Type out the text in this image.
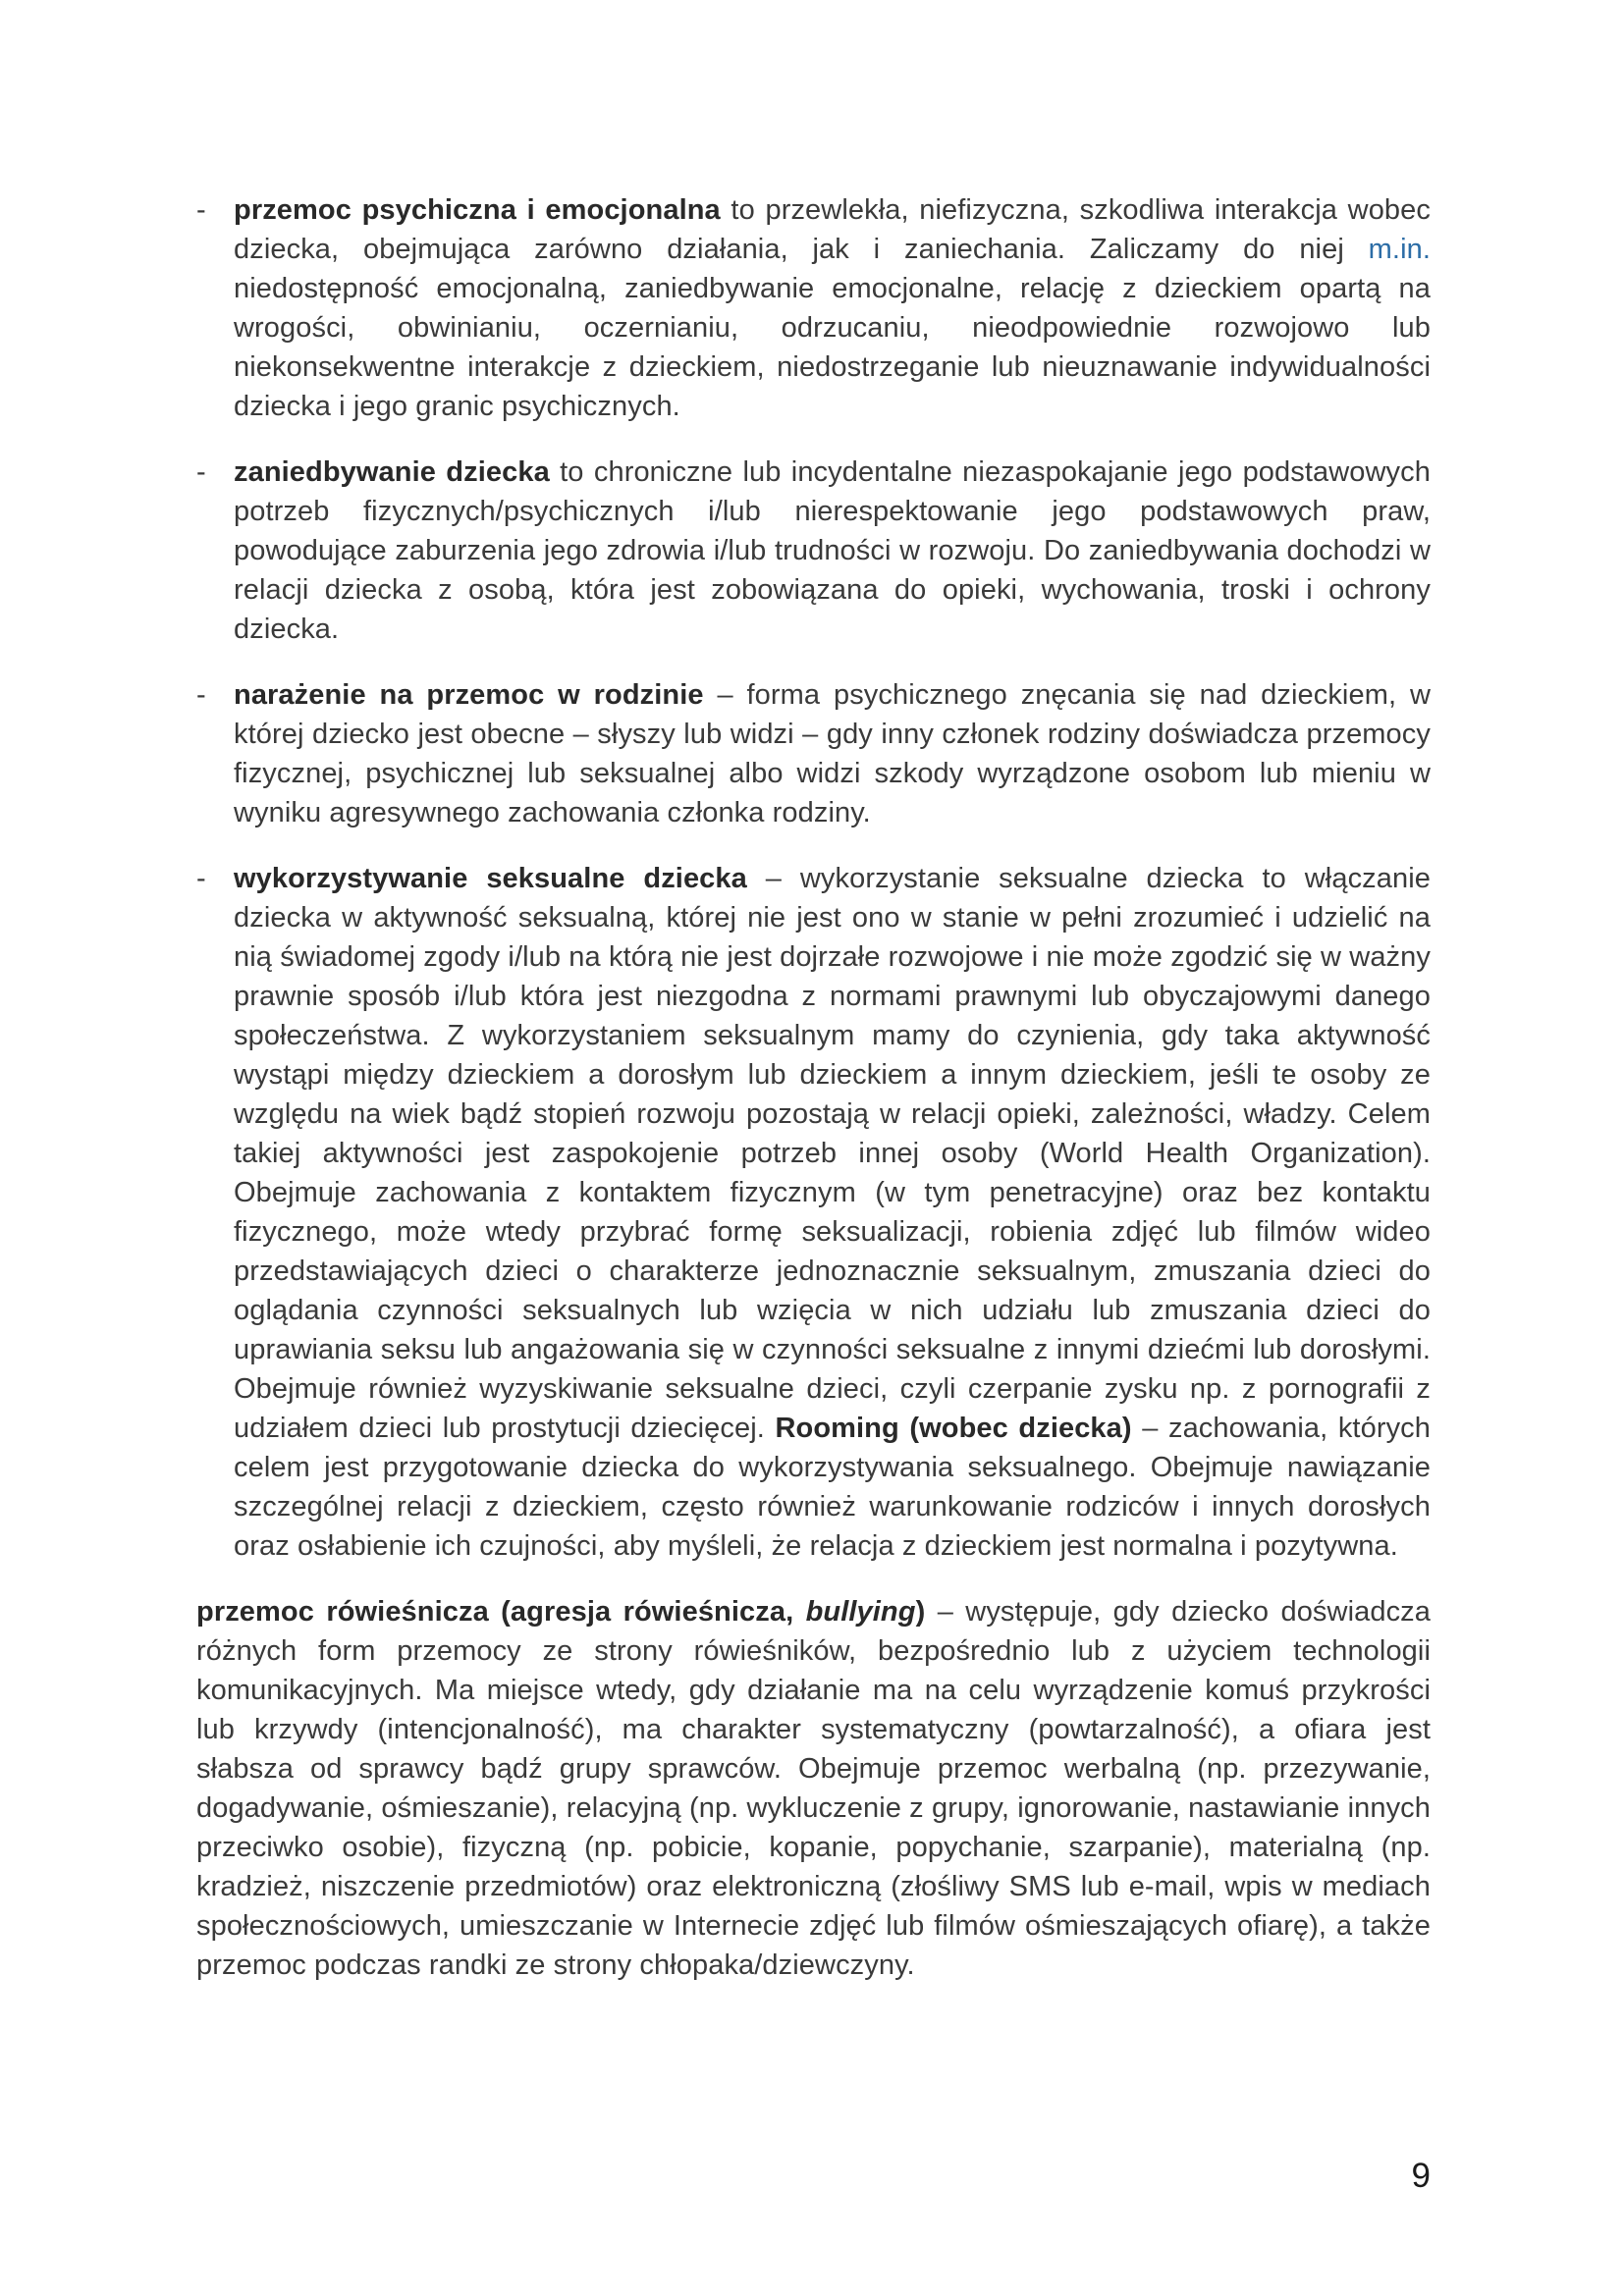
- przemoc psychiczna i emocjonalna to przewlekła, niefizyczna, szkodliwa interakcja wobec dziecka, obejmująca zarówno działania, jak i zaniechania. Zaliczamy do niej m.in. niedostępność emocjonalną, zaniedbywanie emocjonalne, relację z dzieckiem opartą na wrogości, obwinianiu, oczernianiu, odrzucaniu, nieodpowiednie rozwojowo lub niekonsekwentne interakcje z dzieckiem, niedostrzeganie lub nieuznawanie indywidualności dziecka i jego granic psychicznych.

- zaniedbywanie dziecka to chroniczne lub incydentalne niezaspokajanie jego podstawowych potrzeb fizycznych/psychicznych i/lub nierespektowanie jego podstawowych praw, powodujące zaburzenia jego zdrowia i/lub trudności w rozwoju. Do zaniedbywania dochodzi w relacji dziecka z osobą, która jest zobowiązana do opieki, wychowania, troski i ochrony dziecka.

- narażenie na przemoc w rodzinie – forma psychicznego znęcania się nad dzieckiem, w której dziecko jest obecne – słyszy lub widzi – gdy inny członek rodziny doświadcza przemocy fizycznej, psychicznej lub seksualnej albo widzi szkody wyrządzone osobom lub mieniu w wyniku agresywnego zachowania członka rodziny.

- wykorzystywanie seksualne dziecka – wykorzystanie seksualne dziecka to włączanie dziecka w aktywność seksualną, której nie jest ono w stanie w pełni zrozumieć i udzielić na nią świadomej zgody i/lub na którą nie jest dojrzałe rozwojowe i nie może zgodzić się w ważny prawnie sposób i/lub która jest niezgodna z normami prawnymi lub obyczajowymi danego społeczeństwa. Z wykorzystaniem seksualnym mamy do czynienia, gdy taka aktywność wystąpi między dzieckiem a dorosłym lub dzieckiem a innym dzieckiem, jeśli te osoby ze względu na wiek bądź stopień rozwoju pozostają w relacji opieki, zależności, władzy. Celem takiej aktywności jest zaspokojenie potrzeb innej osoby (World Health Organization). Obejmuje zachowania z kontaktem fizycznym (w tym penetracyjne) oraz bez kontaktu fizycznego, może wtedy przybrać formę seksualizacji, robienia zdjęć lub filmów wideo przedstawiających dzieci o charakterze jednoznacznie seksualnym, zmuszania dzieci do oglądania czynności seksualnych lub wzięcia w nich udziału lub zmuszania dzieci do uprawiania seksu lub angażowania się w czynności seksualne z innymi dziećmi lub dorosłymi. Obejmuje również wyzyskiwanie seksualne dzieci, czyli czerpanie zysku np. z pornografii z udziałem dzieci lub prostytucji dziecięcej. Rooming (wobec dziecka) – zachowania, których celem jest przygotowanie dziecka do wykorzystywania seksualnego. Obejmuje nawiązanie szczególnej relacji z dzieckiem, często również warunkowanie rodziców i innych dorosłych oraz osłabienie ich czujności, aby myśleli, że relacja z dzieckiem jest normalna i pozytywna.

przemoc rówieśnicza (agresja rówieśnicza, bullying) – występuje, gdy dziecko doświadcza różnych form przemocy ze strony rówieśników, bezpośrednio lub z użyciem technologii komunikacyjnych. Ma miejsce wtedy, gdy działanie ma na celu wyrządzenie komuś przykrości lub krzywdy (intencjonalność), ma charakter systematyczny (powtarzalność), a ofiara jest słabsza od sprawcy bądź grupy sprawców. Obejmuje przemoc werbalną (np. przezywanie, dogadywanie, ośmieszanie), relacyjną (np. wykluczenie z grupy, ignorowanie, nastawianie innych przeciwko osobie), fizyczną (np. pobicie, kopanie, popychanie, szarpanie), materialną (np. kradzież, niszczenie przedmiotów) oraz elektroniczną (złośliwy SMS lub e-mail, wpis w mediach społecznościowych, umieszczanie w Internecie zdjęć lub filmów ośmieszających ofiarę), a także przemoc podczas randki ze strony chłopaka/dziewczyny.

9
